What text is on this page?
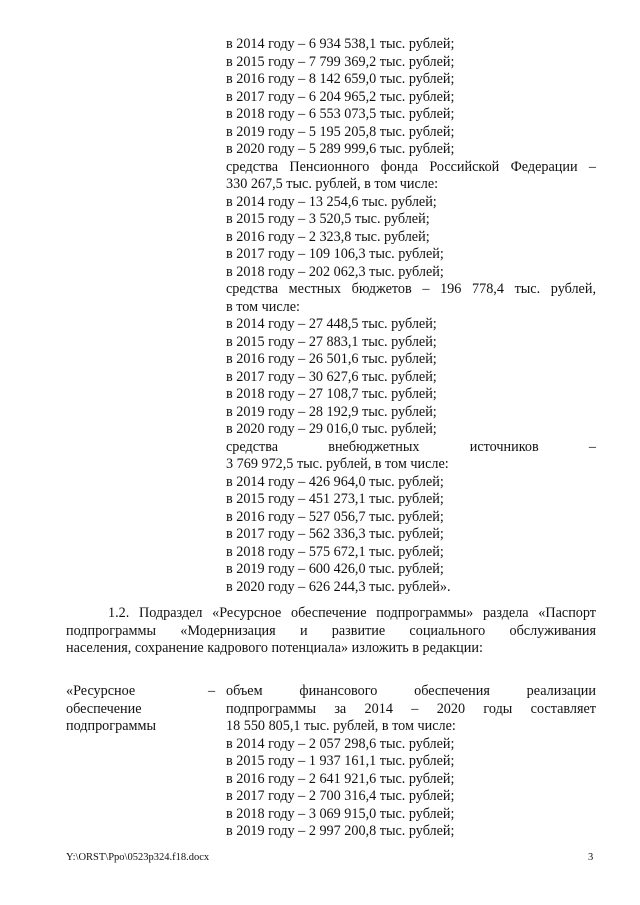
в 2014 году – 6 934 538,1 тыс. рублей;
в 2015 году – 7 799 369,2 тыс. рублей;
в 2016 году – 8 142 659,0 тыс. рублей;
в 2017 году – 6 204 965,2 тыс. рублей;
в 2018 году – 6 553 073,5 тыс. рублей;
в 2019 году – 5 195 205,8 тыс. рублей;
в 2020 году – 5 289 999,6 тыс. рублей;
средства Пенсионного фонда Российской Федерации –
330 267,5 тыс. рублей, в том числе:
в 2014 году – 13 254,6 тыс. рублей;
в 2015 году – 3 520,5 тыс. рублей;
в 2016 году – 2 323,8 тыс. рублей;
в 2017 году – 109 106,3 тыс. рублей;
в 2018 году – 202 062,3 тыс. рублей;
средства местных бюджетов – 196 778,4 тыс. рублей,
в том числе:
в 2014 году – 27 448,5 тыс. рублей;
в 2015 году – 27 883,1 тыс. рублей;
в 2016 году – 26 501,6 тыс. рублей;
в 2017 году – 30 627,6 тыс. рублей;
в 2018 году – 27 108,7 тыс. рублей;
в 2019 году – 28 192,9 тыс. рублей;
в 2020 году – 29 016,0 тыс. рублей;
средства внебюджетных источников –
3 769 972,5 тыс. рублей, в том числе:
в 2014 году – 426 964,0 тыс. рублей;
в 2015 году – 451 273,1 тыс. рублей;
в 2016 году – 527 056,7 тыс. рублей;
в 2017 году – 562 336,3 тыс. рублей;
в 2018 году – 575 672,1 тыс. рублей;
в 2019 году – 600 426,0 тыс. рублей;
в 2020 году – 626 244,3 тыс. рублей».
1.2. Подраздел «Ресурсное обеспечение подпрограммы» раздела «Паспорт
подпрограммы «Модернизация и развитие социального обслуживания
населения, сохранение кадрового потенциала» изложить в редакции:
«Ресурсное	–
обеспечение
подпрограммы
объем финансового обеспечения реализации
подпрограммы за 2014 – 2020 годы составляет
18 550 805,1 тыс. рублей, в том числе:
в 2014 году – 2 057 298,6 тыс. рублей;
в 2015 году – 1 937 161,1 тыс. рублей;
в 2016 году – 2 641 921,6 тыс. рублей;
в 2017 году – 2 700 316,4 тыс. рублей;
в 2018 году – 3 069 915,0 тыс. рублей;
в 2019 году – 2 997 200,8 тыс. рублей;
Y:\ORST\Ppo\0523p324.f18.docx	3
